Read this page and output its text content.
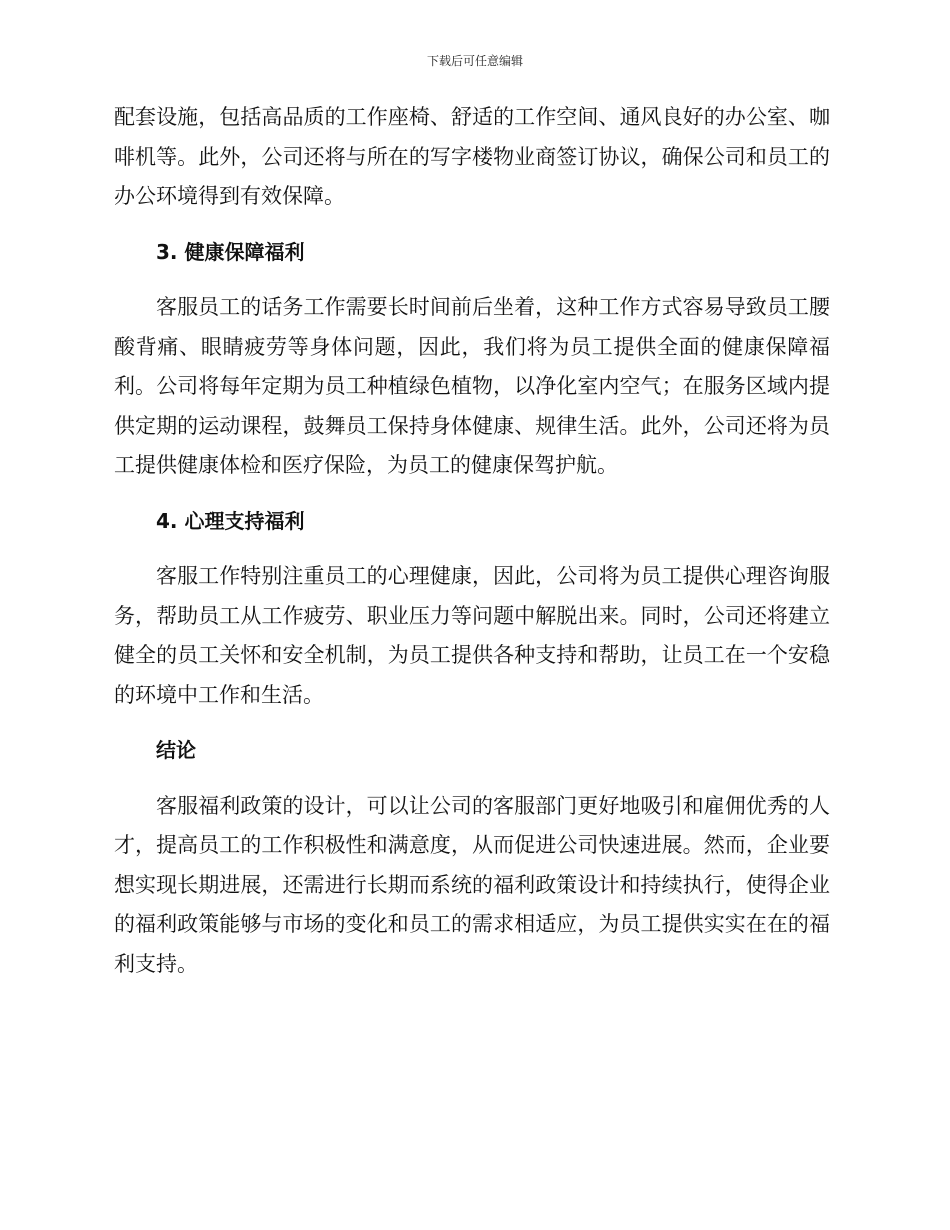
下载后可任意编辑

配套设施，包括高品质的工作座椅、舒适的工作空间、通风良好的办公室、咖啡机等。此外，公司还将与所在的写字楼物业商签订协议，确保公司和员工的办公环境得到有效保障。

3. 健康保障福利

客服员工的话务工作需要长时间前后坐着，这种工作方式容易导致员工腰酸背痛、眼睛疲劳等身体问题，因此，我们将为员工提供全面的健康保障福利。公司将每年定期为员工种植绿色植物，以净化室内空气；在服务区域内提供定期的运动课程，鼓舞员工保持身体健康、规律生活。此外，公司还将为员工提供健康体检和医疗保险，为员工的健康保驾护航。

4. 心理支持福利

客服工作特别注重员工的心理健康，因此，公司将为员工提供心理咨询服务，帮助员工从工作疲劳、职业压力等问题中解脱出来。同时，公司还将建立健全的员工关怀和安全机制，为员工提供各种支持和帮助，让员工在一个安稳的环境中工作和生活。

结论

客服福利政策的设计，可以让公司的客服部门更好地吸引和雇佣优秀的人才，提高员工的工作积极性和满意度，从而促进公司快速进展。然而，企业要想实现长期进展，还需进行长期而系统的福利政策设计和持续执行，使得企业的福利政策能够与市场的变化和员工的需求相适应，为员工提供实实在在的福利支持。
